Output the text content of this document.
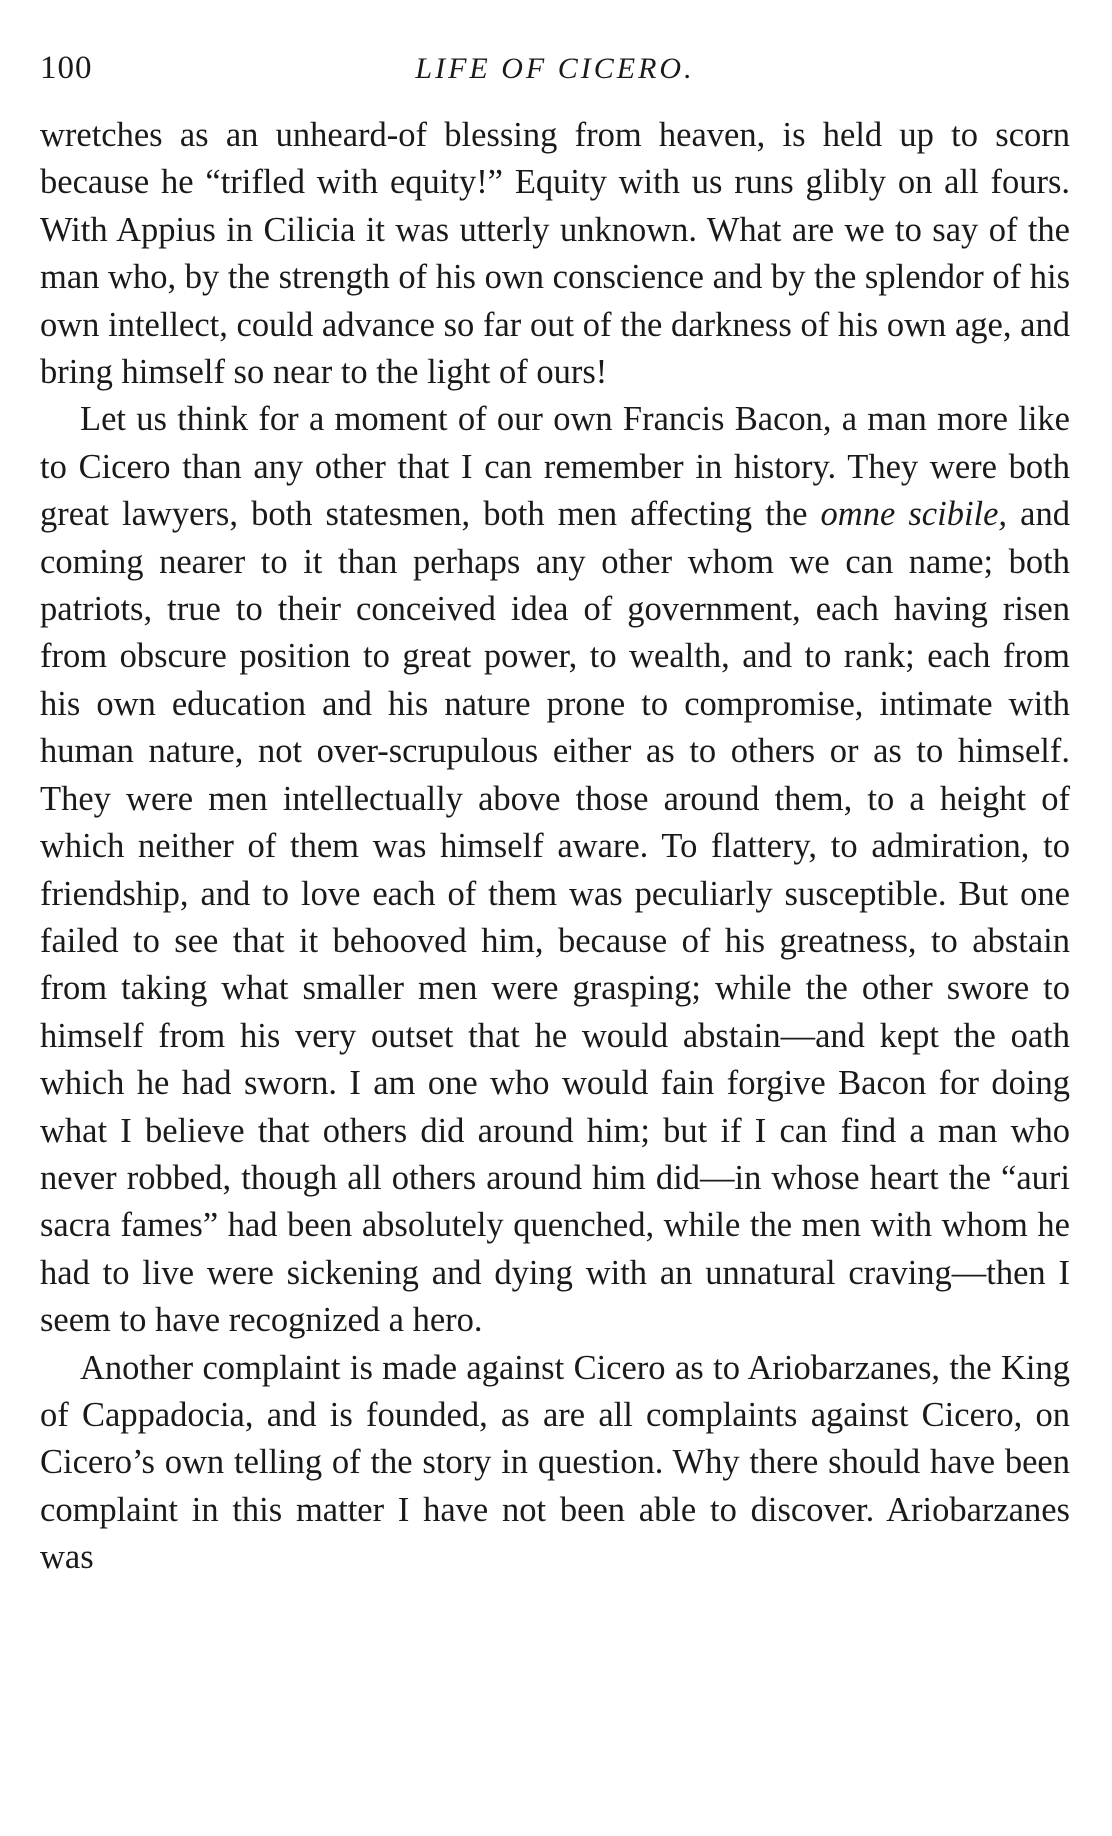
100	LIFE OF CICERO.

wretches as an unheard-of blessing from heaven, is held up to scorn because he “trifled with equity!” Equity with us runs glibly on all fours. With Appius in Cilicia it was utterly unknown. What are we to say of the man who, by the strength of his own conscience and by the splendor of his own intellect, could advance so far out of the darkness of his own age, and bring himself so near to the light of ours!

Let us think for a moment of our own Francis Bacon, a man more like to Cicero than any other that I can remember in history. They were both great lawyers, both statesmen, both men affecting the omne scibile, and coming nearer to it than perhaps any other whom we can name; both patriots, true to their conceived idea of government, each having risen from obscure position to great power, to wealth, and to rank; each from his own education and his nature prone to compromise, intimate with human nature, not over-scrupulous either as to others or as to himself. They were men intellectually above those around them, to a height of which neither of them was himself aware. To flattery, to admiration, to friendship, and to love each of them was peculiarly susceptible. But one failed to see that it behooved him, because of his greatness, to abstain from taking what smaller men were grasping; while the other swore to himself from his very outset that he would abstain—and kept the oath which he had sworn. I am one who would fain forgive Bacon for doing what I believe that others did around him; but if I can find a man who never robbed, though all others around him did—in whose heart the “auri sacra fames” had been absolutely quenched, while the men with whom he had to live were sickening and dying with an unnatural craving—then I seem to have recognized a hero.

Another complaint is made against Cicero as to Ariobarzanes, the King of Cappadocia, and is founded, as are all complaints against Cicero, on Cicero’s own telling of the story in question. Why there should have been complaint in this matter I have not been able to discover. Ariobarzanes was
